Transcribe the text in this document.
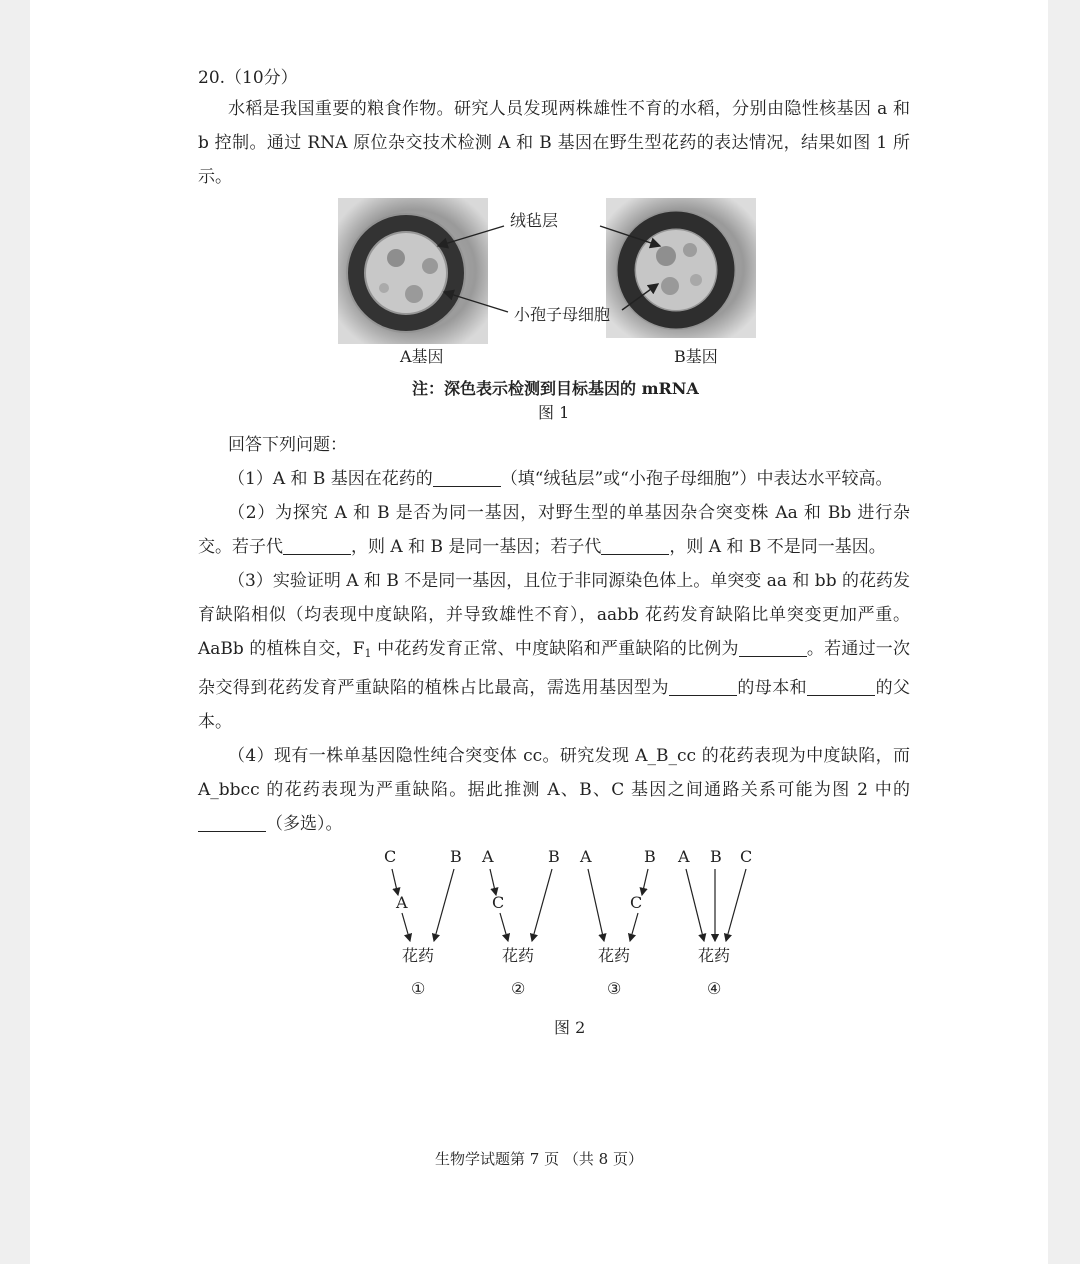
20.（10分）
水稻是我国重要的粮食作物。研究人员发现两株雄性不育的水稻，分别由隐性核基因 a 和 b 控制。通过 RNA 原位杂交技术检测 A 和 B 基因在野生型花药的表达情况，结果如图 1 所示。
绒毡层
小孢子母细胞
A基因	B基因
注：深色表示检测到目标基因的 mRNA
图 1
回答下列问题：
（1）A 和 B 基因在花药的	（填“绒毡层”或“小孢子母细胞”）中表达水平较高。
（2）为探究 A 和 B 是否为同一基因，对野生型的单基因杂合突变株 Aa 和 Bb 进行杂交。若子代	，则 A 和 B 是同一基因；若子代	，则 A 和 B 不是同一基因。
（3）实验证明 A 和 B 不是同一基因，且位于非同源染色体上。单突变 aa 和 bb 的花药发育缺陷相似（均表现中度缺陷，并导致雄性不育），aabb 花药发育缺陷比单突变更加严重。AaBb 的植株自交，$F_1$ 中花药发育正常、中度缺陷和严重缺陷的比例为	。若通过一次杂交得到花药发育严重缺陷的植株占比最高，需选用基因型为	的母本和	的父本。
（4）现有一株单基因隐性纯合突变体 cc。研究发现 A_B_cc 的花药表现为中度缺陷，而 A_bbcc 的花药表现为严重缺陷。据此推测 A、B、C 基因之间通路关系可能为图 2 中的（多选）。
C	B
A
花药
①
A	B
C
花药
②
A	B
C
花药
③
A B C
花药
④
图 2
生物学试题第 7 页 （共 8 页）
